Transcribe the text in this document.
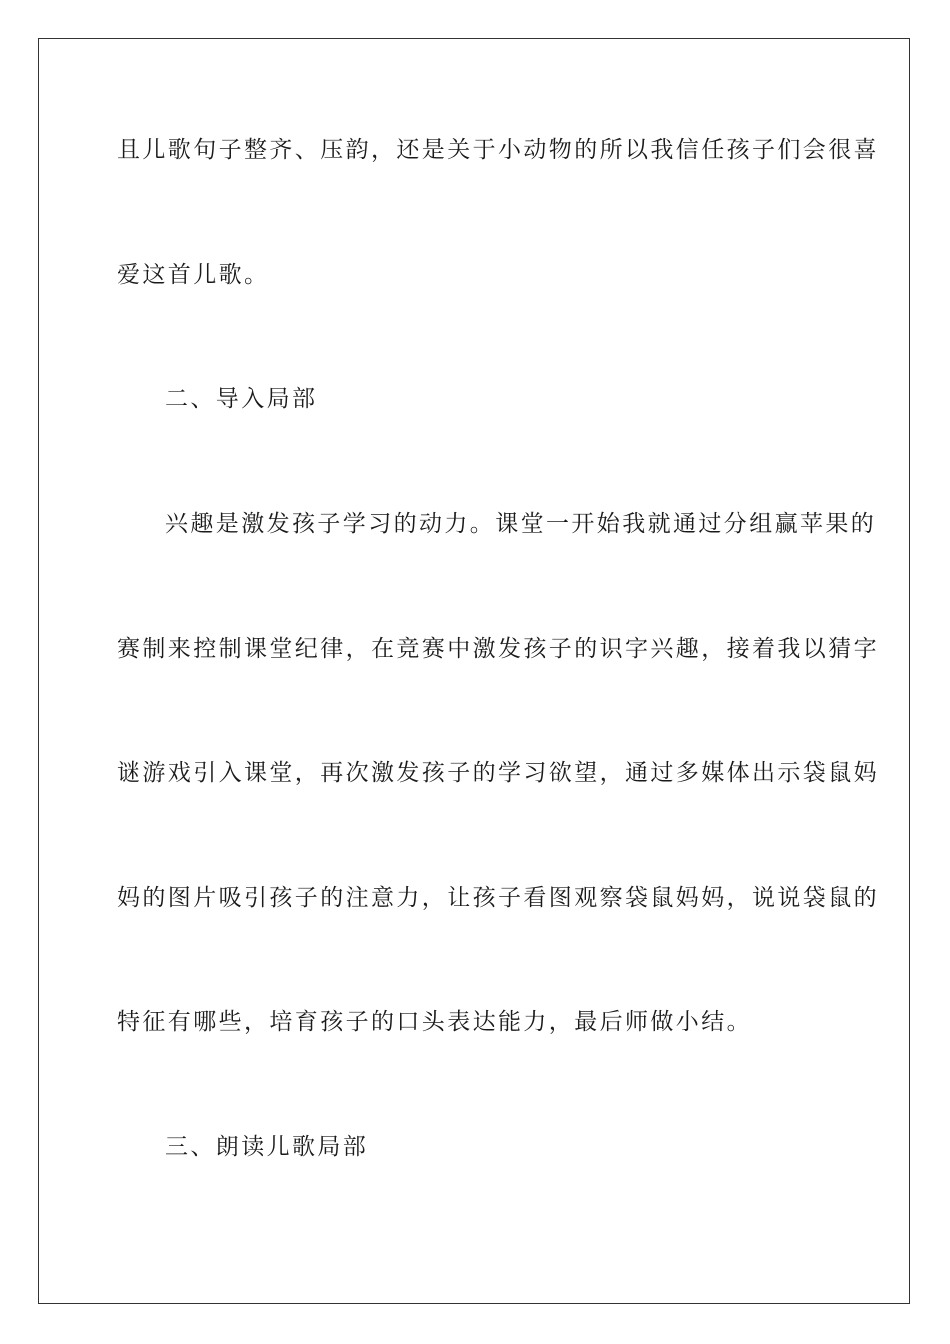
且儿歌句子整齐、压韵，还是关于小动物的所以我信任孩子们会很喜
爱这首儿歌。
二、导入局部
兴趣是激发孩子学习的动力。课堂一开始我就通过分组赢苹果的
赛制来控制课堂纪律，在竞赛中激发孩子的识字兴趣，接着我以猜字
谜游戏引入课堂，再次激发孩子的学习欲望，通过多媒体出示袋鼠妈
妈的图片吸引孩子的注意力，让孩子看图观察袋鼠妈妈，说说袋鼠的
特征有哪些，培育孩子的口头表达能力，最后师做小结。
三、朗读儿歌局部
